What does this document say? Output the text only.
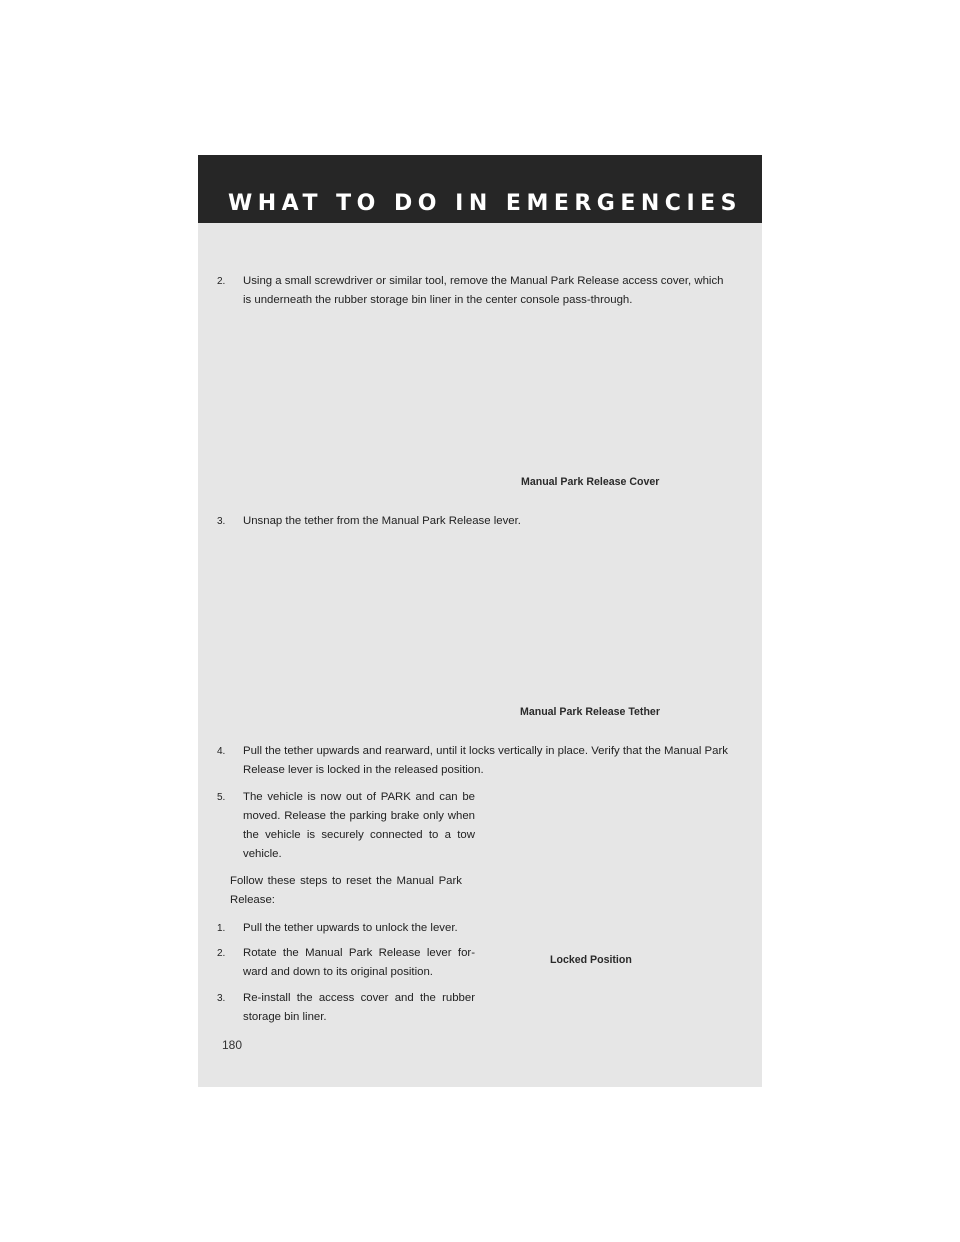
WHAT TO DO IN EMERGENCIES
2. Using a small screwdriver or similar tool, remove the Manual Park Release access cover, which is underneath the rubber storage bin liner in the center console pass-through.
Manual Park Release Cover
3. Unsnap the tether from the Manual Park Release lever.
Manual Park Release Tether
4. Pull the tether upwards and rearward, until it locks vertically in place. Verify that the Manual Park Release lever is locked in the released position.
5. The vehicle is now out of PARK and can be moved. Release the parking brake only when the vehicle is securely connected to a tow vehicle.
Follow these steps to reset the Manual Park Release:
1. Pull the tether upwards to unlock the lever.
2. Rotate the Manual Park Release lever for-ward and down to its original position.
3. Re-install the access cover and the rubber storage bin liner.
Locked Position
180
